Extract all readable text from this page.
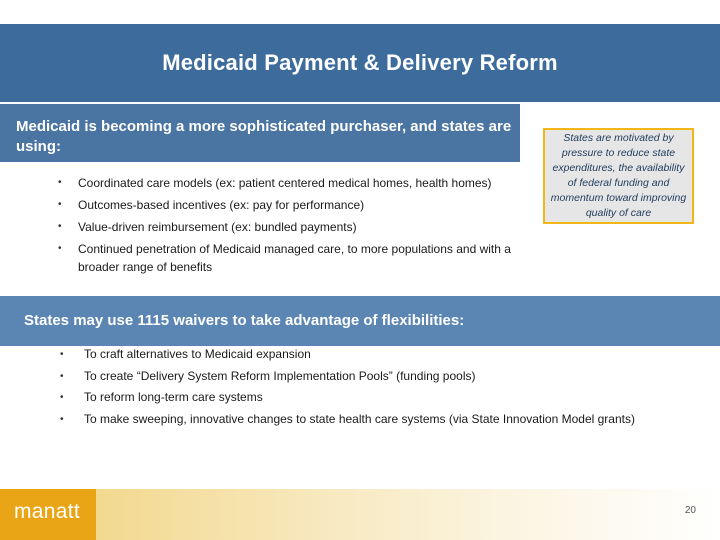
Medicaid Payment & Delivery Reform
Medicaid is becoming a more sophisticated purchaser, and states are using:
• Coordinated care models (ex: patient centered medical homes, health homes)
• Outcomes-based incentives (ex: pay for performance)
• Value-driven reimbursement (ex: bundled payments)
• Continued penetration of Medicaid managed care, to more populations and with a broader range of benefits
States are motivated by pressure to reduce state expenditures, the availability of federal funding and momentum toward improving quality of care
States may use 1115 waivers to take advantage of flexibilities:
• To craft alternatives to Medicaid expansion
• To create “Delivery System Reform Implementation Pools” (funding pools)
• To reform long-term care systems
• To make sweeping, innovative changes to state health care systems (via State Innovation Model grants)
manatt	20
